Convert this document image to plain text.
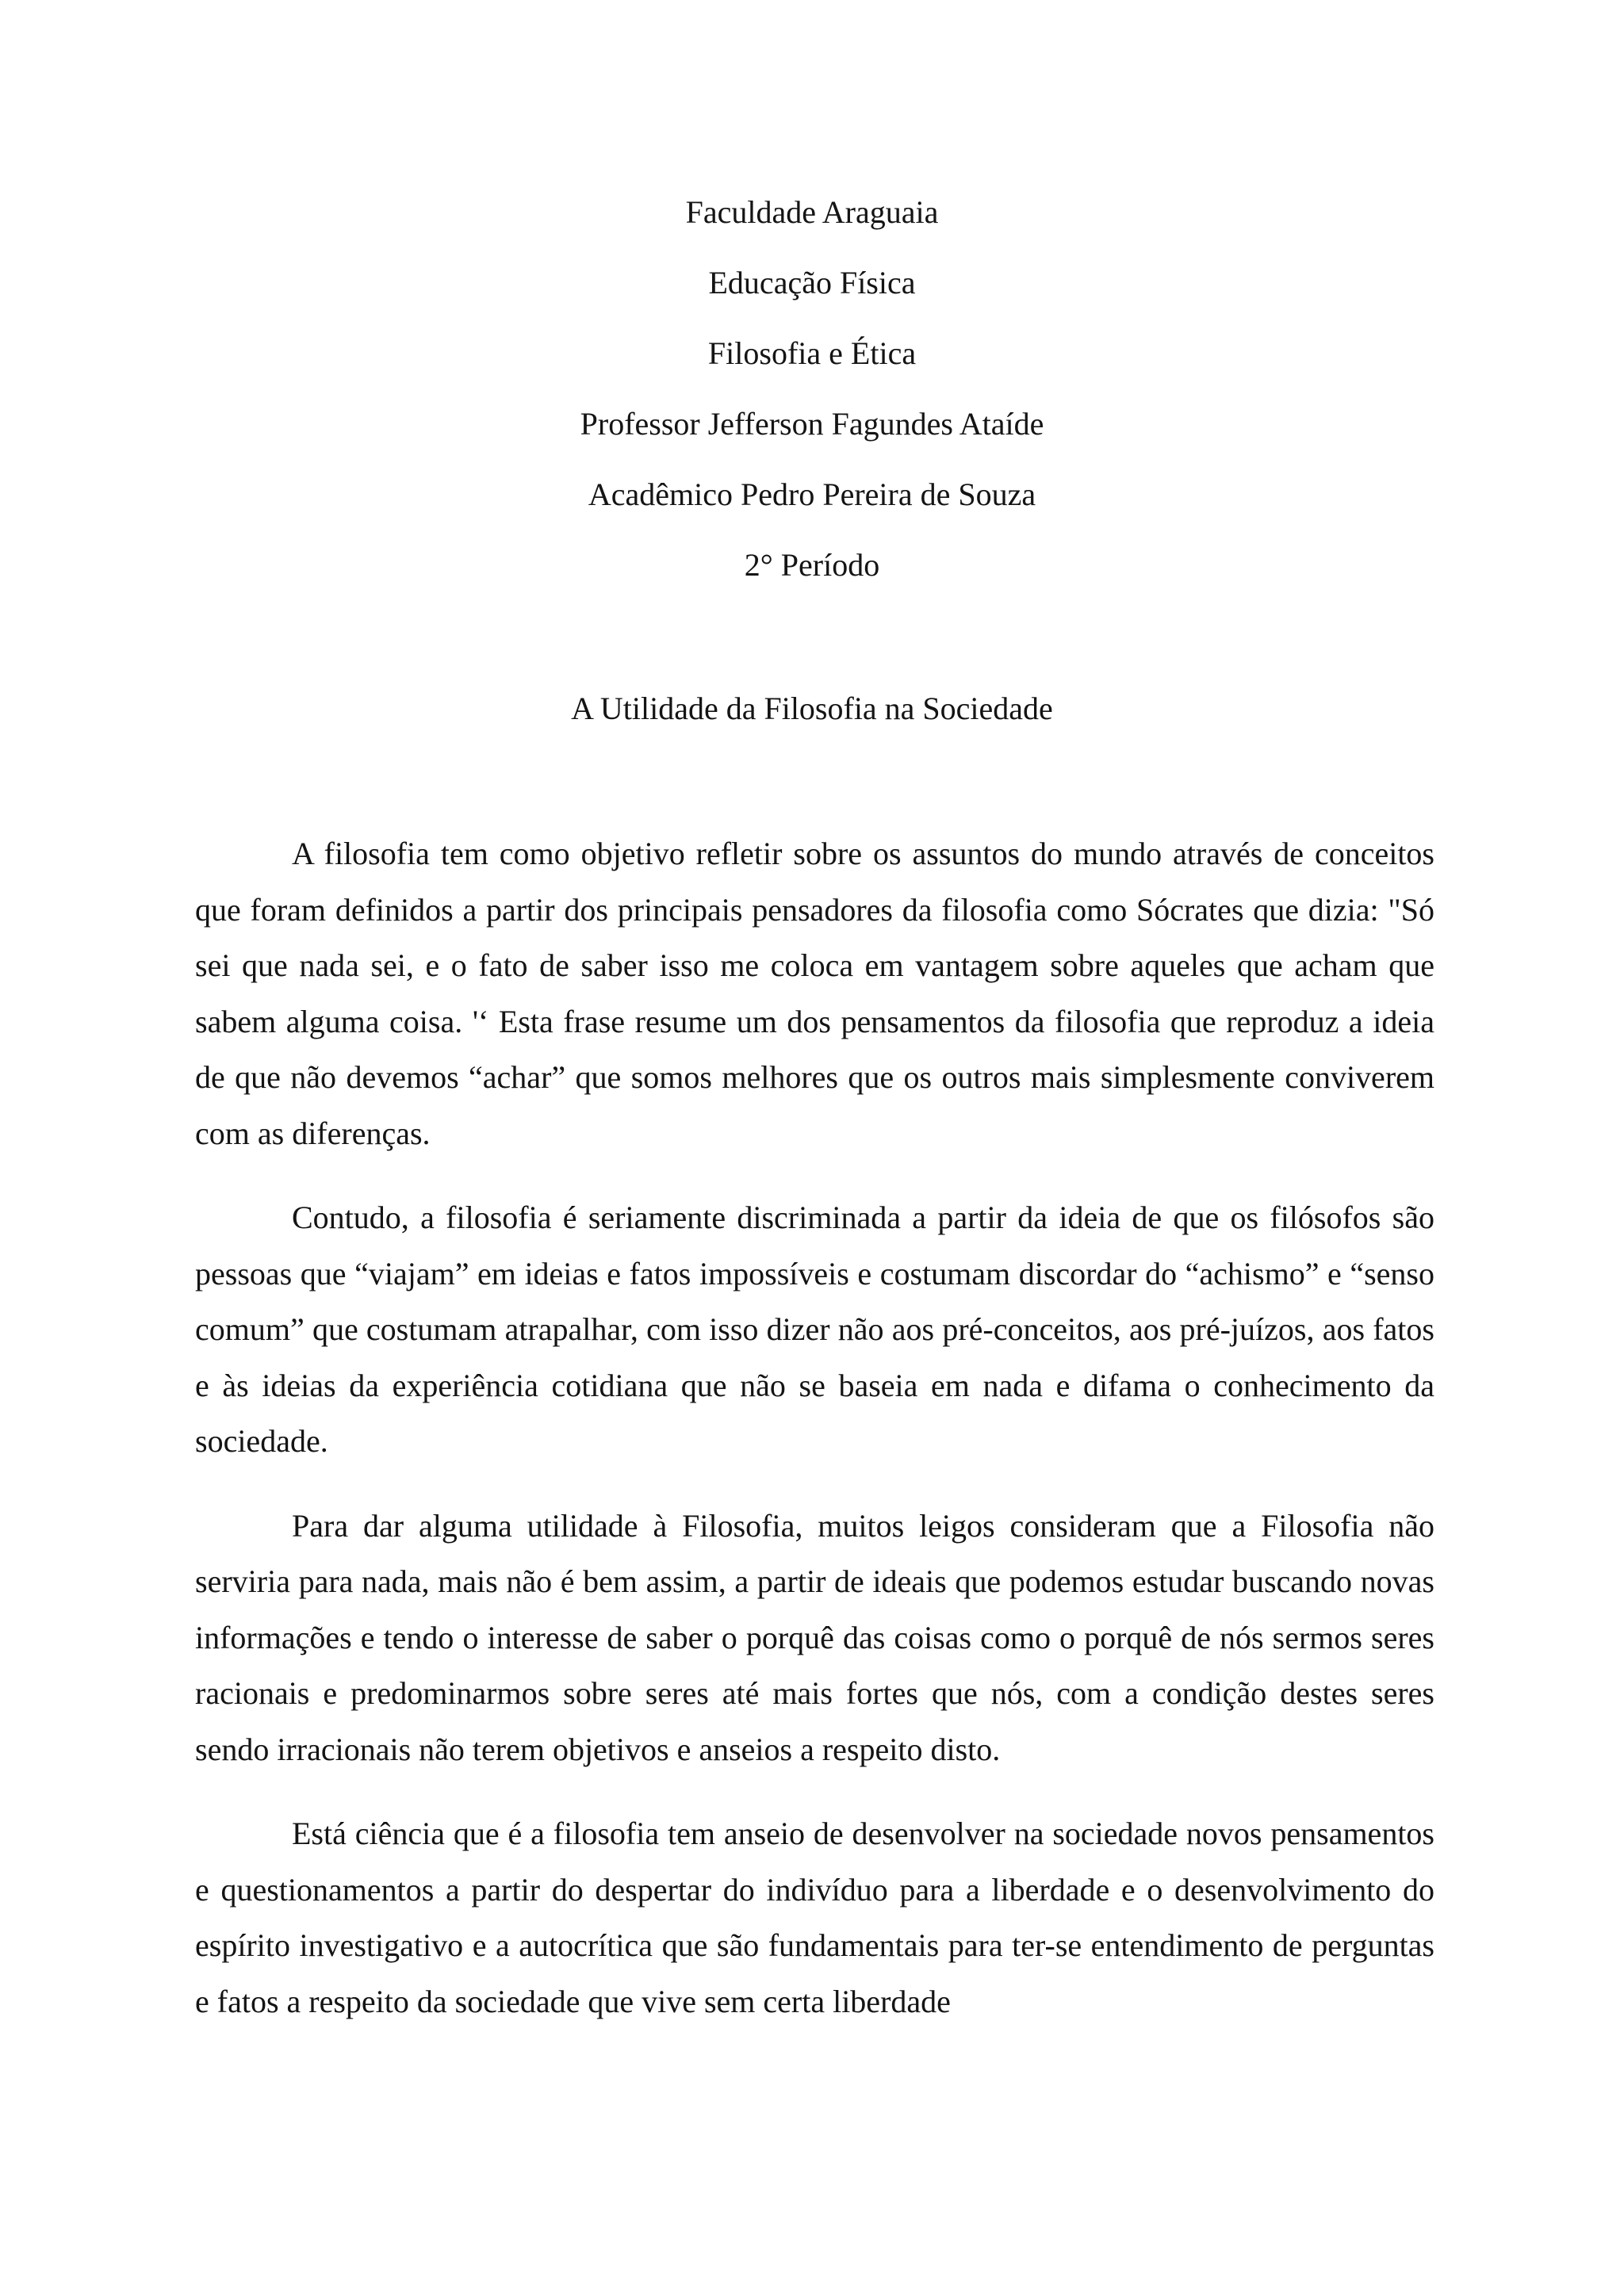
Faculdade Araguaia

Educação Física

Filosofia e Ética

Professor Jefferson Fagundes Ataíde

Acadêmico Pedro Pereira de Souza

2° Período

A Utilidade da Filosofia na Sociedade

A filosofia tem como objetivo refletir sobre os assuntos do mundo através de conceitos que foram definidos a partir dos principais pensadores da filosofia como Sócrates que dizia: "Só sei que nada sei, e o fato de saber isso me coloca em vantagem sobre aqueles que acham que sabem alguma coisa. '‘ Esta frase resume um dos pensamentos da filosofia que reproduz a ideia de que não devemos “achar” que somos melhores que os outros mais simplesmente conviverem com as diferenças.

Contudo, a filosofia é seriamente discriminada a partir da ideia de que os filósofos são pessoas que “viajam” em ideias e fatos impossíveis e costumam discordar do “achismo” e “senso comum” que costumam atrapalhar, com isso dizer não aos pré-conceitos, aos pré-juízos, aos fatos e às ideias da experiência cotidiana que não se baseia em nada e difama o conhecimento da sociedade.

Para dar alguma utilidade à Filosofia, muitos leigos consideram que a Filosofia não serviria para nada, mais não é bem assim, a partir de ideais que podemos estudar buscando novas informações e tendo o interesse de saber o porquê das coisas como o porquê de nós sermos seres racionais e predominarmos sobre seres até mais fortes que nós, com a condição destes seres sendo irracionais não terem objetivos e anseios a respeito disto.

Está ciência que é a filosofia tem anseio de desenvolver na sociedade novos pensamentos e questionamentos a partir do despertar do indivíduo para a liberdade e o desenvolvimento do espírito investigativo e a autocrítica que são fundamentais para ter-se entendimento de perguntas e fatos a respeito da sociedade que vive sem certa liberdade
